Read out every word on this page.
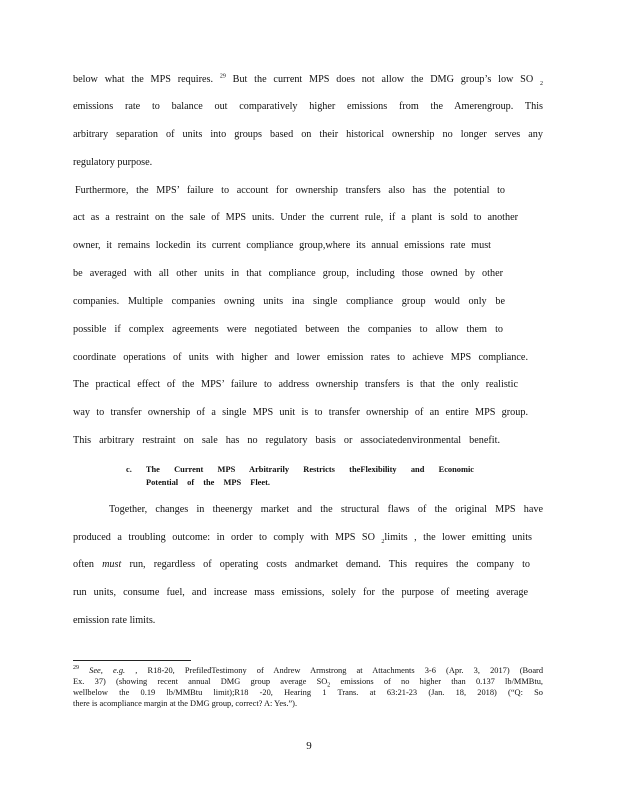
below what the MPS requires. $^{29}$ But the current MPS does not allow the DMG group’s low SO $_2$
emissions rate to balance out comparatively higher emissions from the Amerengroup. This
arbitrary separation of units into groups based on their historical ownership no longer serves any
regulatory purpose.
Furthermore, the MPS’ failure to account for ownership transfers also has the potential to
act as a restraint on the sale of MPS units. Under the current rule, if a plant is sold to another
owner, it remains lockedin its current compliance group,where its annual emissions rate must
be averaged with all other units in that compliance group, including those owned by other
companies. Multiple companies owning units ina single compliance group would only be
possible if complex agreements were negotiated between the companies to allow them to
coordinate operations of units with higher and lower emission rates to achieve MPS compliance.
The practical effect of the MPS’ failure to address ownership transfers is that the only realistic
way to transfer ownership of a single MPS unit is to transfer ownership of an entire MPS group.
This arbitrary restraint on sale has no regulatory basis or associatedenvironmental benefit.
c. The Current MPS Arbitrarily Restricts theFlexibility and Economic
Potential of the MPS Fleet.
Together, changes in theenergy market and the structural flaws of the original MPS have
produced a troubling outcome: in order to comply with MPS SO $_2$limits , the lower emitting units
often must run, regardless of operating costs andmarket demand. This requires the company to
run units, consume fuel, and increase mass emissions, solely for the purpose of meeting average
emission rate limits.
$^{29}$ See, e.g. , R18-20, PrefiledTestimony of Andrew Armstrong at Attachments 3-6 (Apr. 3, 2017) (Board
Ex. 37) (showing recent annual DMG group average $SO_2$ emissions of no higher than 0.137 lb/MMBtu,
wellbelow the 0.19 lb/MMBtu limit);R18 -20, Hearing 1 Trans. at 63:21-23 (Jan. 18, 2018) (“Q: So
there is acompliance margin at the DMG group, correct? A: Yes.”).
9
